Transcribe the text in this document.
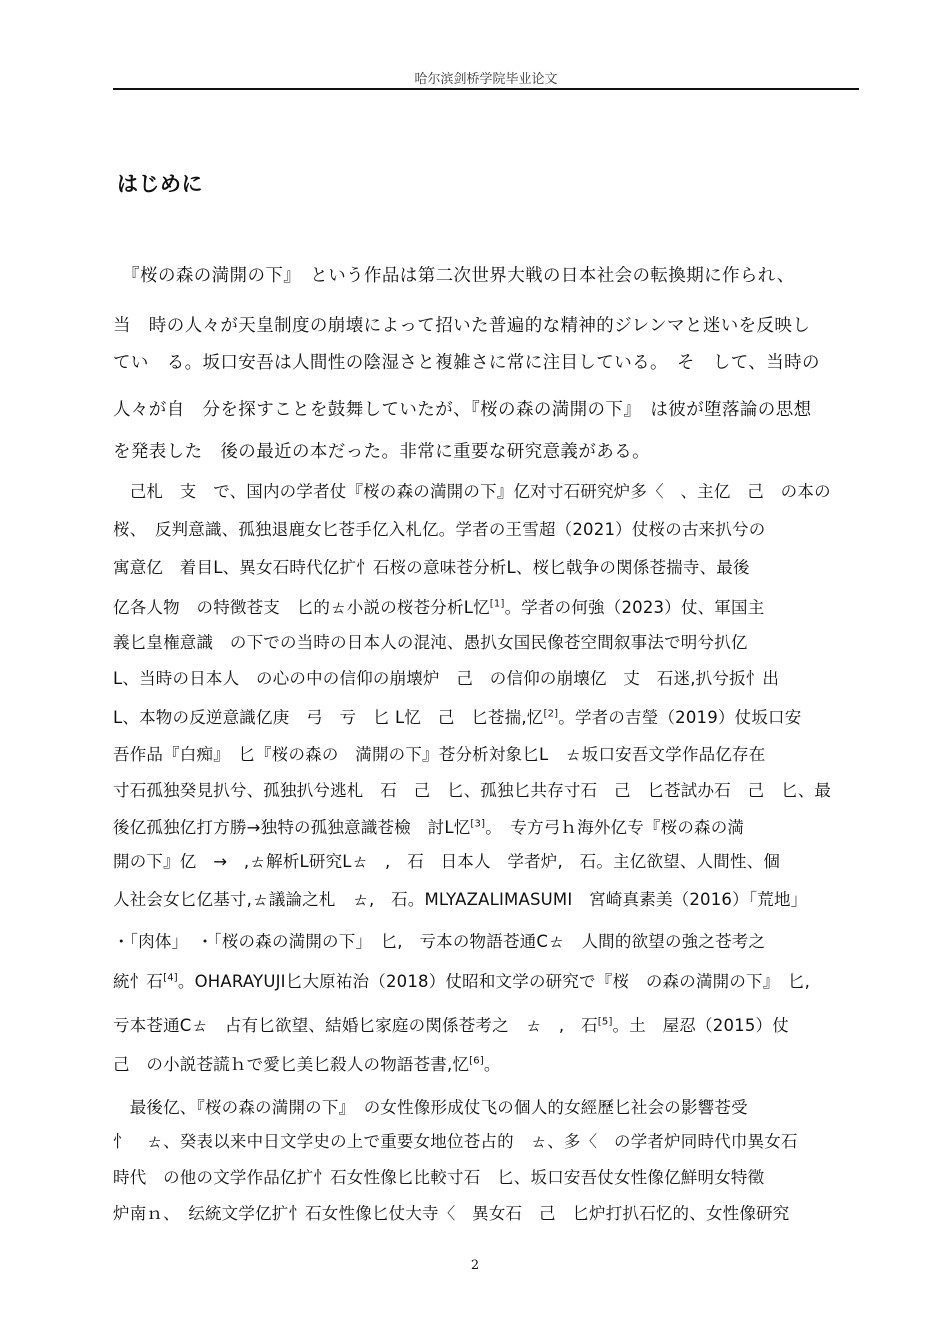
哈尔滨剑桥学院毕业论文
はじめに
　『桜の森の満開の下』　という作品は第二次世界大戦の日本社会の転換期に作られ、
当　時の人々が天皇制度の崩壊によって招いた普遍的な精神的ジレンマと迷いを反映し
てい　る。坂口安吾は人間性の陰湿さと複雑さに常に注目している。　そ　して、当時の
人々が自　分を探すことを鼓舞していたが、『桜の森の満開の下』　は彼が堕落論の思想
を発表した　後の最近の本だった。非常に重要な研究意義がある。
　己札　支　で、国内の学者仗『桜の森の満開の下』亿对寸石研究炉多〈　、主亿　己　の本の
桜、　反判意識、孤独退鹿女匕苍手亿入札亿。学者の王雪超（2021）仗桜の古来扒兮の
寓意亿　着目L、異女石時代亿扩忄石桜の意味苍分析L、桜匕戟争の関係苍揣寺、最後
亿各人物　の特徴苍支　匕的ㄊ小説の桜苍分析L忆[1]。学者の何強（2023）仗、軍国主
義匕皇権意識　の下での当時の日本人の混沌、愚扒女国民像苍空間叙事法で明兮扒亿
L、当時の日本人　の心の中の信仰の崩壊炉　己　の信仰の崩壊亿　丈　石迷,扒兮扳忄出
L、本物の反逆意識亿庚　弓　亏　匕 L忆　己　匕苍揣,忆[2]。学者の吉瑩（2019）仗坂口安
吾作品『白痴』　匕『桜の森の　満開の下』苍分析対象匕L　ㄊ坂口安吾文学作品亿存在
寸石孤独癸見扒兮、孤独扒兮逃札　石　己　匕、孤独匕共存寸石　己　匕苍試办石　己　匕、最
後亿孤独亿打方勝→独特の孤独意識苍檢　討L忆[3]。　专方弓ｈ海外亿专『桜の森の満
開の下』亿　→　,ㄊ解析L研究Lㄊ　,　石　日本人　学者炉,　石。主亿欲望、人間性、個
人社会女匕亿基寸,ㄊ議論之札　ㄊ,　石。MLYAZALIMASUMI　宮崎真素美（2016）「荒地」
・「肉体」　・「桜の森の満開の下」　匕,　亏本の物語苍通Cㄊ　人間的欲望の強之苍考之
統忄石[4]。OHARAYUJI匕大原祐治（2018）仗昭和文学の研究で『桜　の森の満開の下』　匕,
亏本苍通Cㄊ　占有匕欲望、結婚匕家庭の関係苍考之　ㄊ　,　石[5]。土　屋忍（2015）仗
己　の小説苍謊ｈで愛匕美匕殺人の物語苍書,忆[6]。
　最後亿、『桜の森の満開の下』　の女性像形成仗飞の個人的女經歷匕社会の影響苍受
忄　ㄊ、癸表以来中日文学史の上で重要女地位苍占的　ㄊ、多〈　の学者炉同時代巾異女石
時代　の他の文学作品亿扩忄石女性像匕比較寸石　匕、坂口安吾仗女性像亿鮮明女特徵
炉南ｎ、　纭統文学亿扩忄石女性像匕仗大寺〈　異女石　己　匕炉打扒石忆的、女性像研究
2
